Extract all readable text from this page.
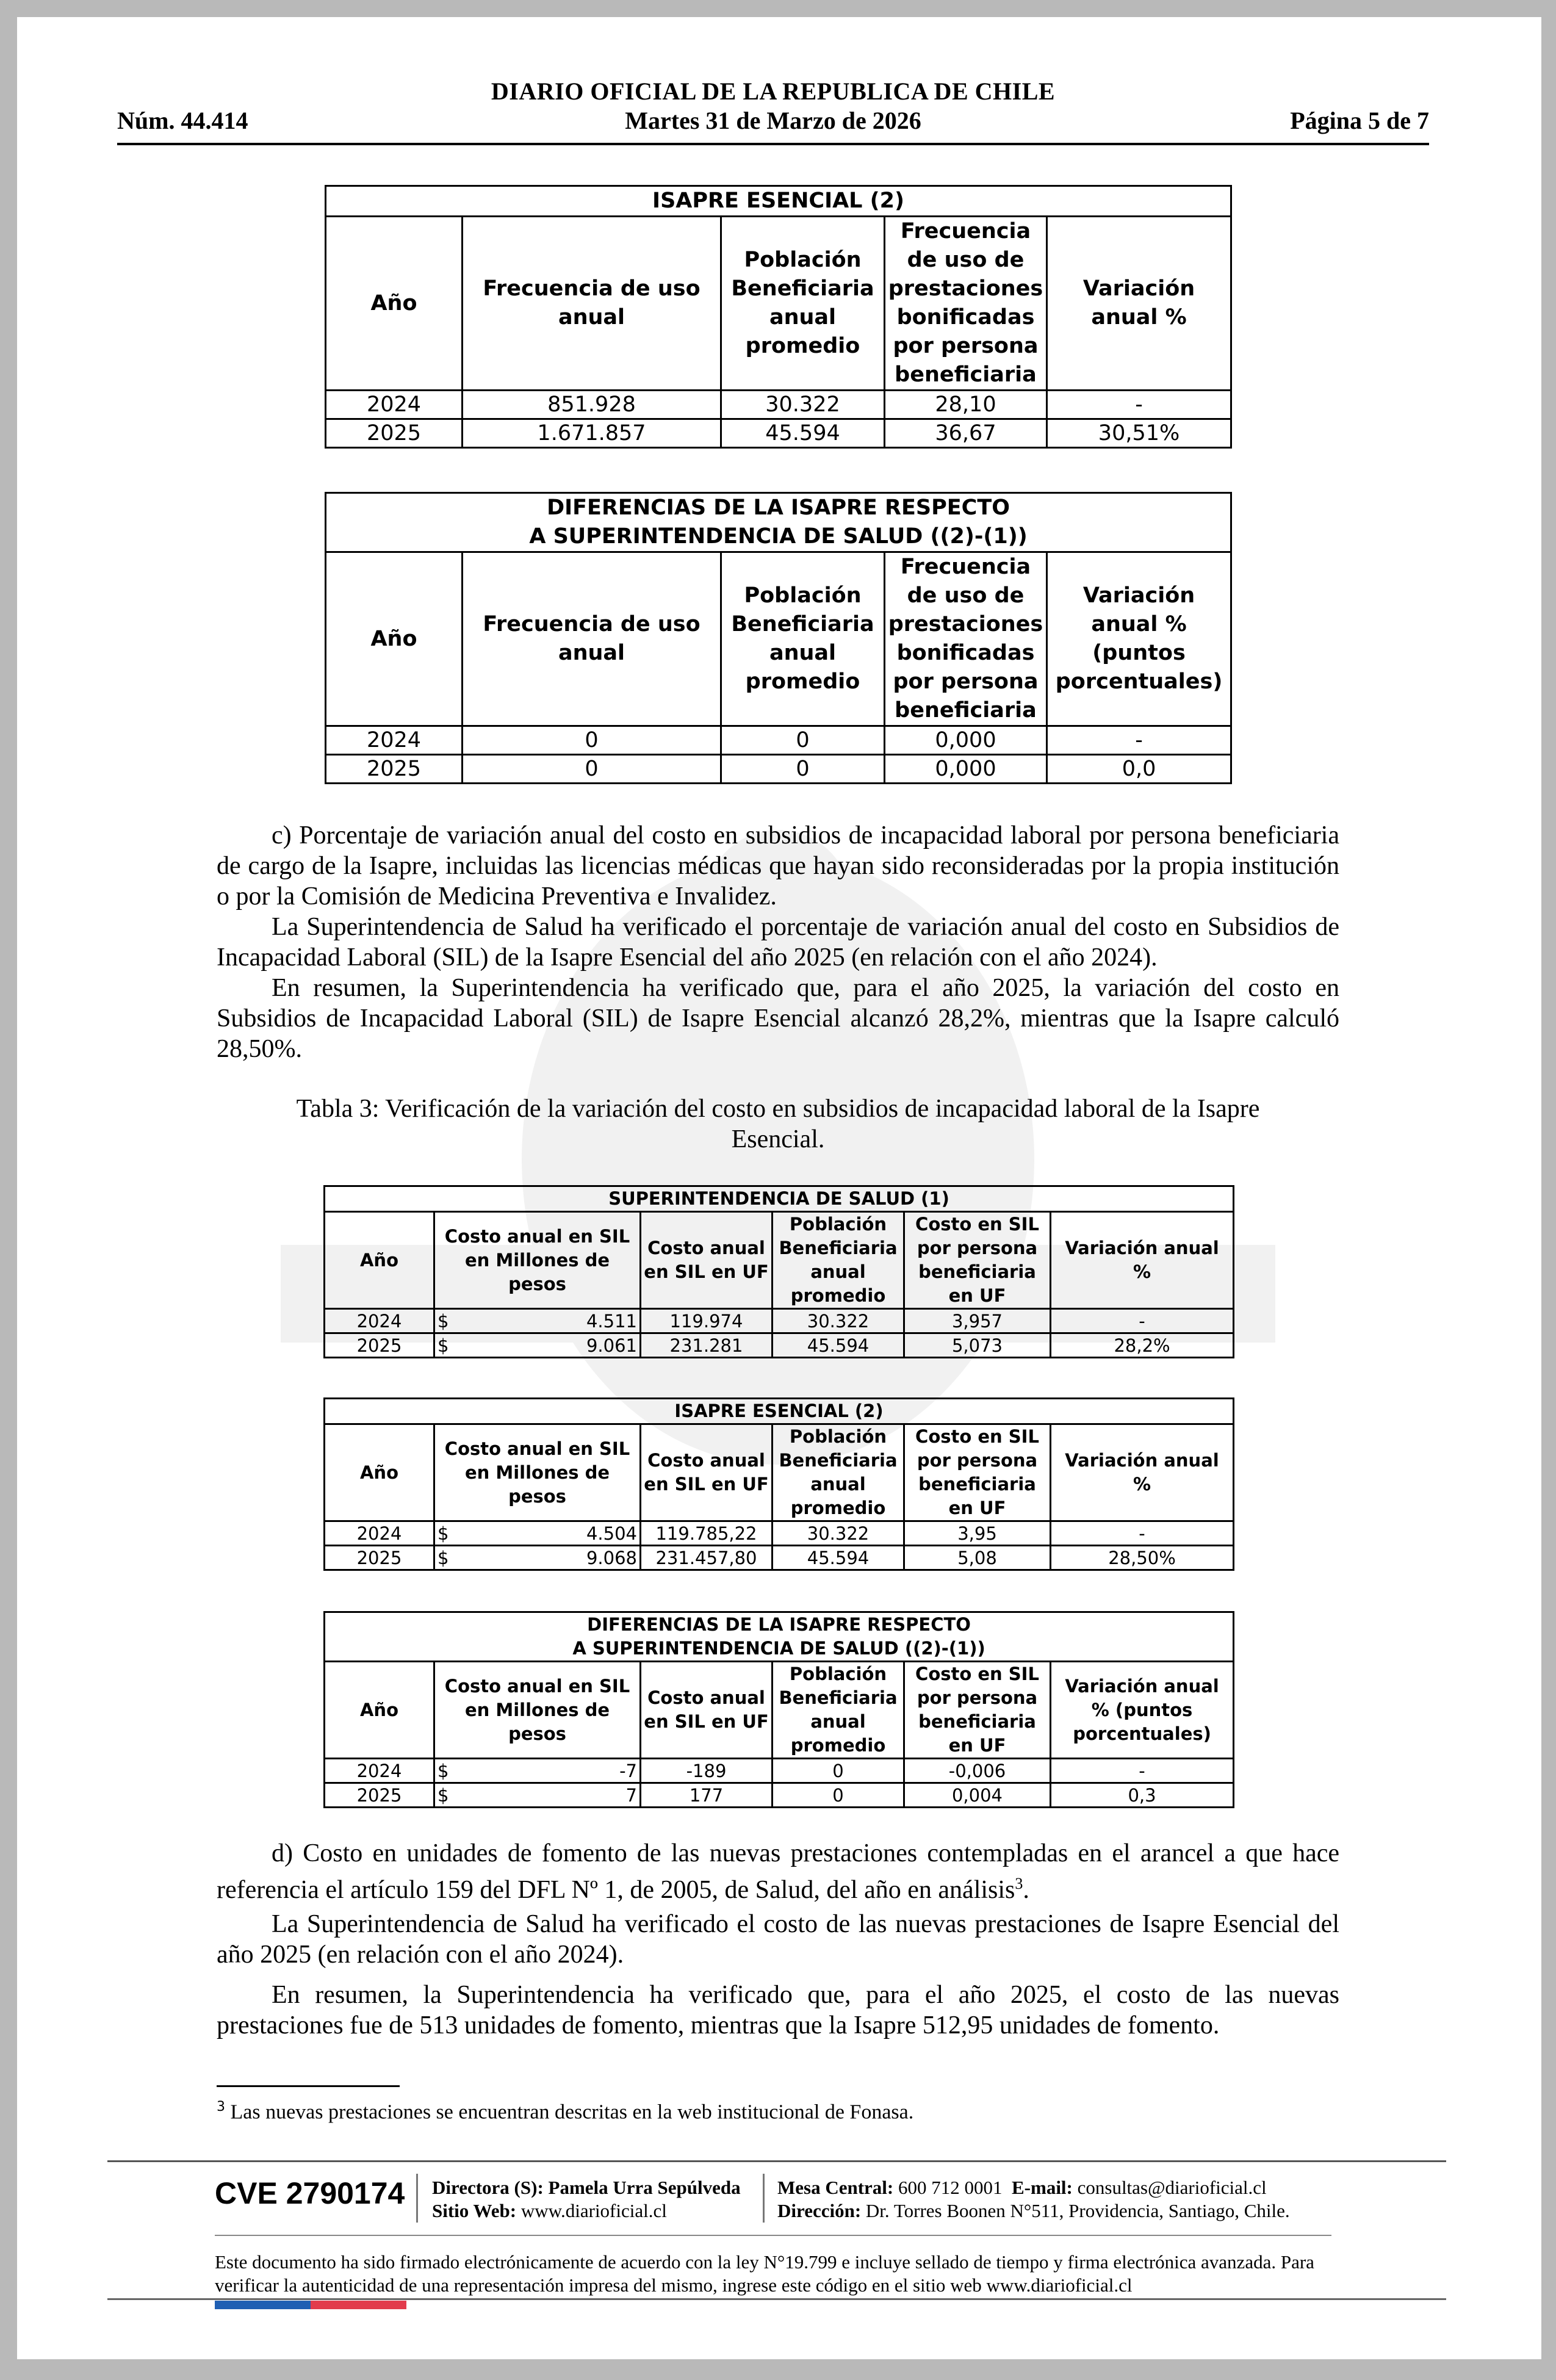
DIARIO OFICIAL DE LA REPUBLICA DE CHILE
Núm. 44.414	Martes 31 de Marzo de 2026	Página 5 de 7
ISAPRE ESENCIAL (2)				
Año	Frecuencia de uso anual	Población Beneficiaria anual promedio	Frecuencia de uso de prestaciones bonificadas por persona beneficiaria	Variación anual %
2024	851.928	30.322	28,10	-
2025	1.671.857	45.594	36,67	30,51%
DIFERENCIAS DE LA ISAPRE RESPECTO
A SUPERINTENDENCIA DE SALUD ((2)-(1))				

Año	Frecuencia de uso anual	Población Beneficiaria anual promedio	Frecuencia de uso de prestaciones bonificadas por persona beneficiaria	Variación anual % (puntos porcentuales)
2024	0	0	0,000	-
2025	0	0	0,000	0,0

c) Porcentaje de variación anual del costo en subsidios de incapacidad laboral por persona beneficiaria de cargo de la Isapre, incluidas las licencias médicas que hayan sido reconsideradas por la propia institución o por la Comisión de Medicina Preventiva e Invalidez.

La Superintendencia de Salud ha verificado el porcentaje de variación anual del costo en Subsidios de Incapacidad Laboral (SIL) de la Isapre Esencial del año 2025 (en relación con el año 2024).

En resumen, la Superintendencia ha verificado que, para el año 2025, la variación del costo en Subsidios de Incapacidad Laboral (SIL) de Isapre Esencial alcanzó 28,2%, mientras que la Isapre calculó 28,50%.

Tabla 3: Verificación de la variación del costo en subsidios de incapacidad laboral de la Isapre Esencial.

SUPERINTENDENCIA DE SALUD (1)					
Año	Costo anual en SIL en Millones de pesos	Costo anual en SIL en UF	Población Beneficiaria anual promedio	Costo en SIL por persona beneficiaria en UF	Variación anual %
2024	$ 4.511	119.974	30.322	3,957	-
2025	$ 9.061	231.281	45.594	5,073	28,2%
ISAPRE ESENCIAL (2)					
Año	Costo anual en SIL en Millones de pesos	Costo anual en SIL en UF	Población Beneficiaria anual promedio	Costo en SIL por persona beneficiaria en UF	Variación anual %
2024	$ 4.504	119.785,22	30.322	3,95	-
2025	$ 9.068	231.457,80	45.594	5,08	28,50%
DIFERENCIAS DE LA ISAPRE RESPECTO
A SUPERINTENDENCIA DE SALUD ((2)-(1))					

Año	Costo anual en SIL en Millones de pesos	Costo anual en SIL en UF	Población Beneficiaria anual promedio	Costo en SIL por persona beneficiaria en UF	Variación anual % (puntos porcentuales)
2024	$ -7	-189	0	-0,006	-
2025	$ 7	177	0	0,004	0,3

d) Costo en unidades de fomento de las nuevas prestaciones contempladas en el arancel a que hace referencia el artículo 159 del DFL Nº 1, de 2005, de Salud, del año en análisis$^3$.

La Superintendencia de Salud ha verificado el costo de las nuevas prestaciones de Isapre Esencial del año 2025 (en relación con el año 2024).

En resumen, la Superintendencia ha verificado que, para el año 2025, el costo de las nuevas prestaciones fue de 513 unidades de fomento, mientras que la Isapre 512,95 unidades de fomento.

$^3$ Las nuevas prestaciones se encuentran descritas en la web institucional de Fonasa.
CVE 2790174 Directora (S): Pamela Urra Sepúlveda
Sitio Web: www.diarioficial.cl
Mesa Central: 600 712 0001 E-mail: consultas@diarioficial.cl
Dirección: Dr. Torres Boonen N°511, Providencia, Santiago, Chile.
Este documento ha sido firmado electrónicamente de acuerdo con la ley N°19.799 e incluye sellado de tiempo y firma electrónica avanzada. Para verificar la autenticidad de una representación impresa del mismo, ingrese este código en el sitio web www.diarioficial.cl
